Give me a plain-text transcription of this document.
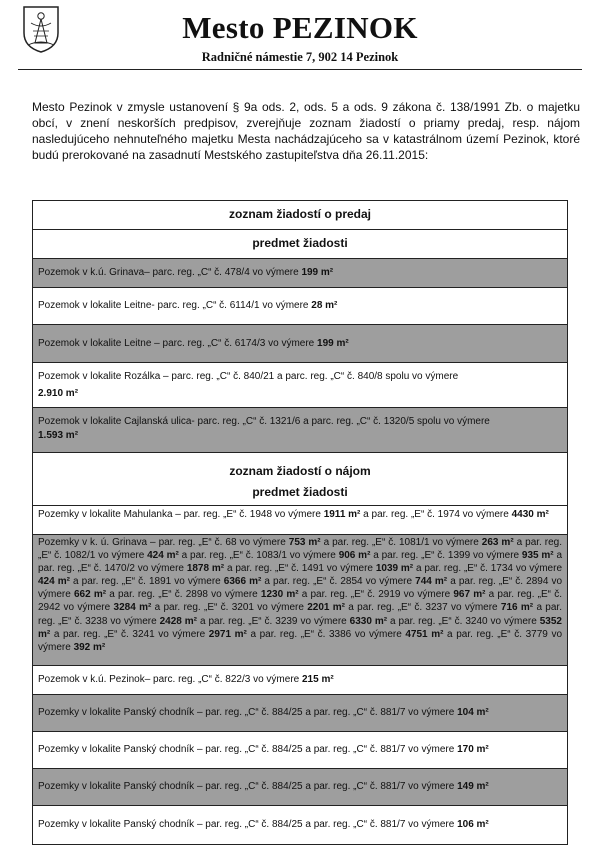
Mesto PEZINOK
Radničné námestie 7, 902 14 Pezinok
Mesto Pezinok v zmysle ustanovení § 9a ods. 2, ods. 5 a ods. 9 zákona č. 138/1991 Zb. o majetku obcí, v znení neskorších predpisov, zverejňuje zoznam žiadostí o priamy predaj, resp. nájom nasledujúceho nehnuteľného majetku Mesta nachádzajúceho sa v katastrálnom území Pezinok, ktoré budú prerokované na zasadnutí Mestského zastupiteľstva dňa 26.11.2015:
zoznam žiadostí o predaj
predmet žiadosti
Pozemok v k.ú. Grinava– parc. reg. „C“ č. 478/4 vo výmere 199 m²
Pozemok v lokalite Leitne- parc. reg. „C“ č. 6114/1 vo výmere 28 m²
Pozemok v lokalite Leitne – parc. reg. „C“ č. 6174/3 vo výmere 199 m²
Pozemok v lokalite Rozálka – parc. reg. „C“ č. 840/21 a parc. reg. „C“ č. 840/8 spolu vo výmere
2.910 m²
Pozemok v lokalite Cajlanská ulica- parc. reg. „C“ č. 1321/6 a parc. reg. „C“ č. 1320/5 spolu vo výmere
1.593 m²
zoznam žiadostí o nájom
predmet žiadosti
Pozemky v lokalite Mahulanka – par. reg. „E“ č. 1948 vo výmere 1911 m² a par. reg. „E“ č. 1974 vo výmere 4430 m²
Pozemky v k. ú. Grinava – par. reg. „E“ č. 68 vo výmere 753 m² a par. reg. „E“ č. 1081/1 vo výmere 263 m² a par. reg. „E“ č. 1082/1 vo výmere 424 m² a par. reg. „E“ č. 1083/1 vo výmere 906 m² a par. reg. „E“ č. 1399 vo výmere 935 m² a par. reg. „E“ č. 1470/2 vo výmere 1878 m² a par. reg. „E“ č. 1491 vo výmere 1039 m² a par. reg. „E“ č. 1734 vo výmere 424 m² a par. reg. „E“ č. 1891 vo výmere 6366 m² a par. reg. „E“ č. 2854 vo výmere 744 m² a par. reg. „E“ č. 2894 vo výmere 662 m² a par. reg. „E“ č. 2898 vo výmere 1230 m² a par. reg. „E“ č. 2919 vo výmere 967 m² a par. reg. „E“ č. 2942 vo výmere 3284 m² a par. reg. „E“ č. 3201 vo výmere 2201 m² a par. reg. „E“ č. 3237 vo výmere 716 m² a par. reg. „E“ č. 3238 vo výmere 2428 m² a par. reg. „E“ č. 3239 vo výmere 6330 m² a par. reg. „E“ č. 3240 vo výmere 5352 m² a par. reg. „E“ č. 3241 vo výmere 2971 m² a par. reg. „E“ č. 3386 vo výmere 4751 m² a par. reg. „E“ č. 3779 vo výmere 392 m²
Pozemok v k.ú. Pezinok– parc. reg. „C“ č. 822/3 vo výmere 215 m²
Pozemky v lokalite Panský chodník – par. reg. „C“ č. 884/25 a par. reg. „C“ č. 881/7 vo výmere 104 m²
Pozemky v lokalite Panský chodník – par. reg. „C“ č. 884/25 a par. reg. „C“ č. 881/7 vo výmere 170 m²
Pozemky v lokalite Panský chodník – par. reg. „C“ č. 884/25 a par. reg. „C“ č. 881/7 vo výmere 149 m²
Pozemky v lokalite Panský chodník – par. reg. „C“ č. 884/25 a par. reg. „C“ č. 881/7 vo výmere 106 m²
